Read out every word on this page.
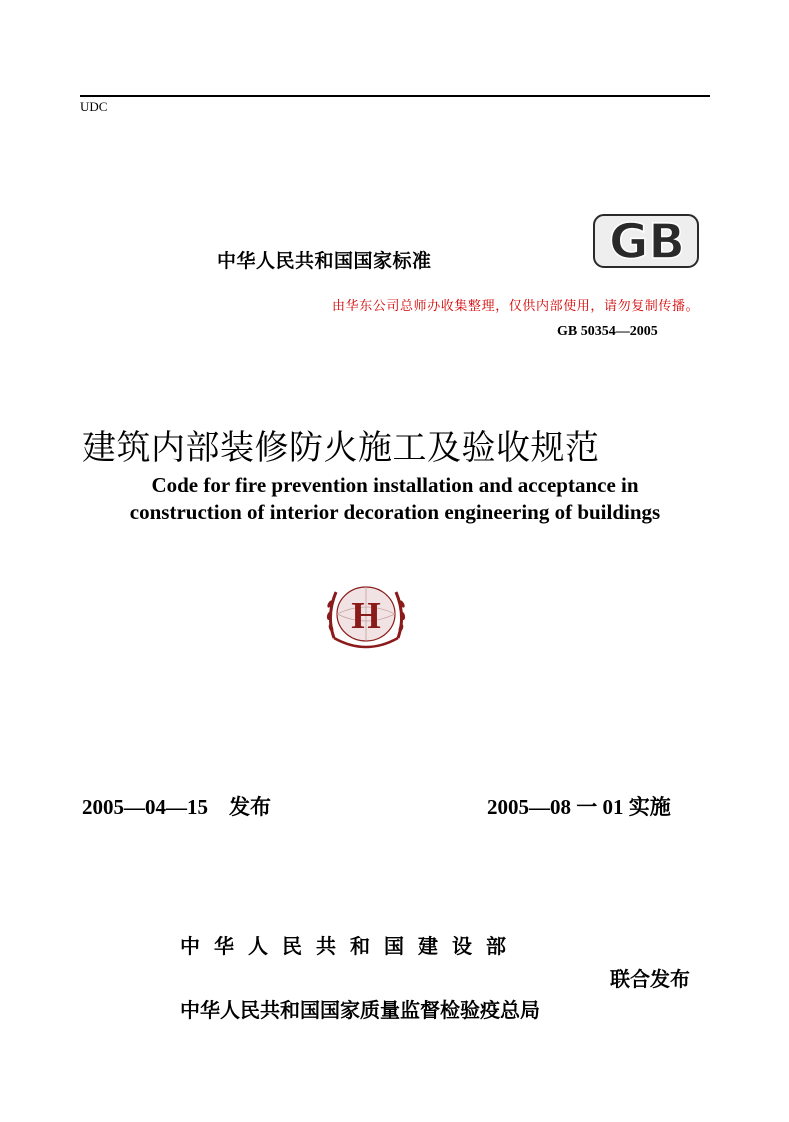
UDC
GB
中华人民共和国国家标准
由华东公司总师办收集整理，仅供内部使用，请勿复制传播。
GB 50354—2005
建筑内部装修防火施工及验收规范
Code for fire prevention installation and acceptance in
construction of interior decoration engineering of buildings
H
2005—04—15　发布	2005—08 一 01 实施
中华人民共和国建设部
联合发布
中华人民共和国国家质量监督检验疫总局
